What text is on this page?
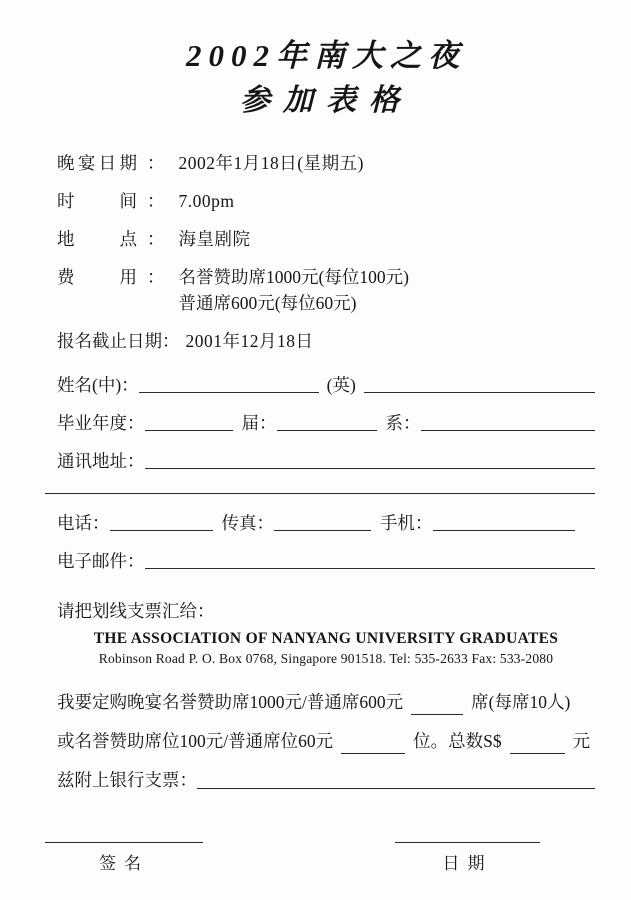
2002年南大之夜
参加表格
晚宴日期 ： 2002年1月18日(星期五)
时间 ： 7.00pm
地点 ： 海皇剧院
费用 ： 名誉赞助席1000元(每位100元)
普通席600元(每位60元)
报名截止日期： 2001年12月18日
姓名(中)：	(英)
毕业年度：	届：	系：
通讯地址：
电话：	传真：	手机：
电子邮件：
请把划线支票汇给：
THE ASSOCIATION OF NANYANG UNIVERSITY GRADUATES
Robinson Road P. O. Box 0768, Singapore 901518. Tel: 535-2633 Fax: 533-2080
我要定购晚宴名誉赞助席1000元/普通席600元	席(每席10人)
或名誉赞助席位100元/普通席位60元	位。总数S$	元
兹附上银行支票：
签名	日期
